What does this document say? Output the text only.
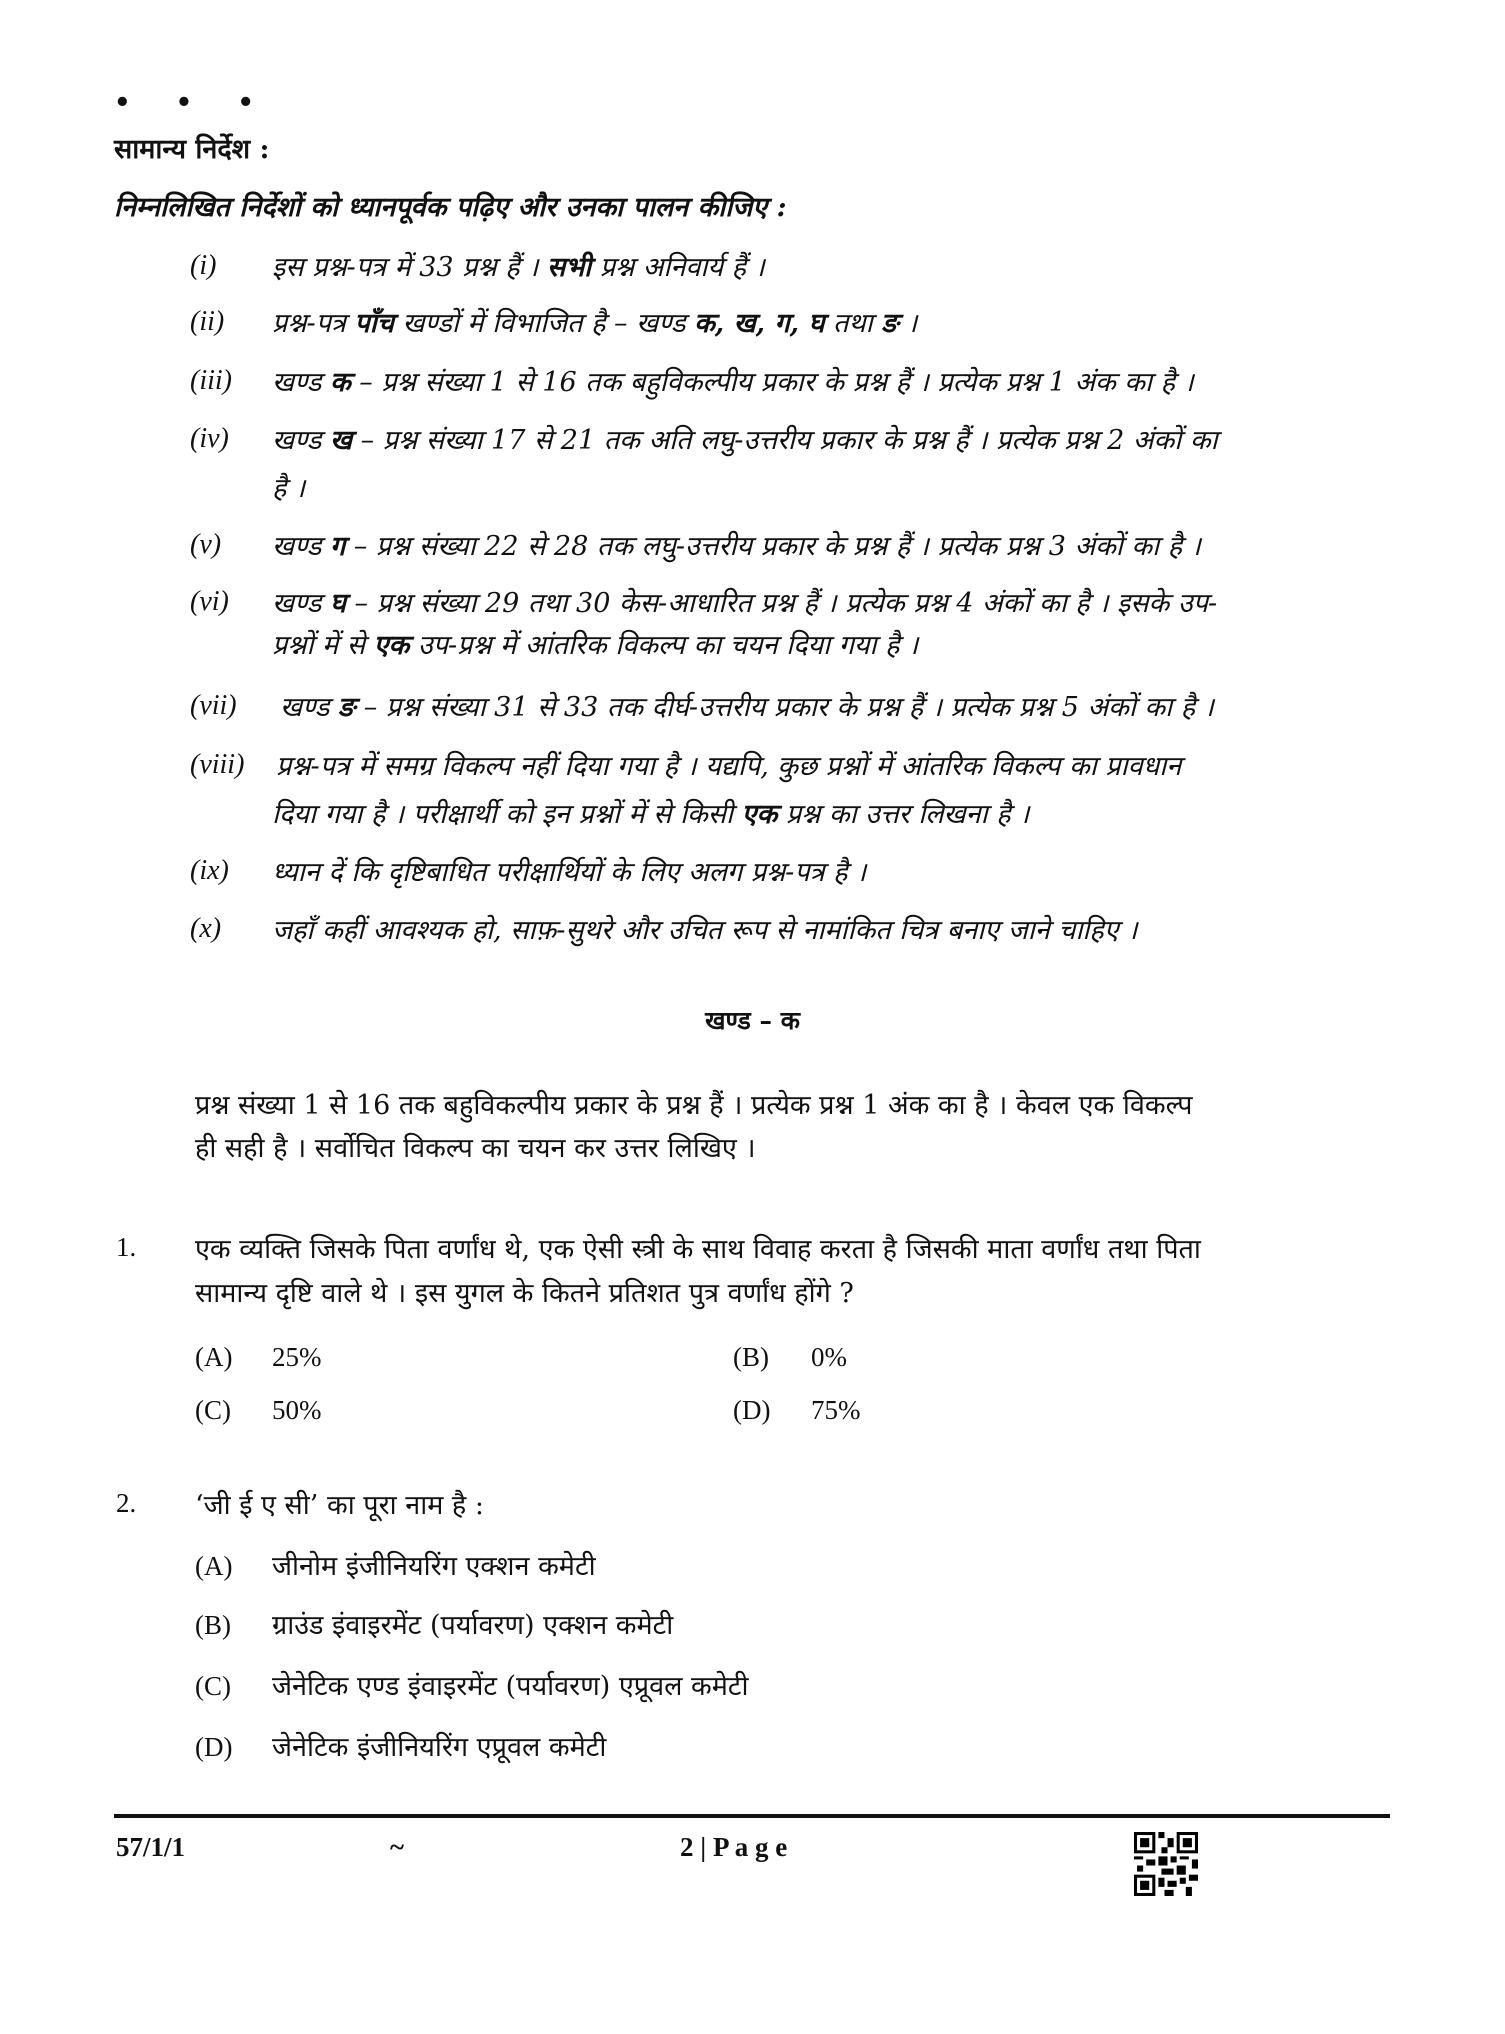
• • •
सामान्य निर्देश :
निम्नलिखित निर्देशों को ध्यानपूर्वक पढ़िए और उनका पालन कीजिए :
(i) इस प्रश्न-पत्र में 33 प्रश्न हैं । सभी प्रश्न अनिवार्य हैं ।
(ii) प्रश्न-पत्र पाँच खण्डों में विभाजित है – खण्ड क, ख, ग, घ तथा ङ ।
(iii) खण्ड क – प्रश्न संख्या 1 से 16 तक बहुविकल्पीय प्रकार के प्रश्न हैं । प्रत्येक प्रश्न 1 अंक का है ।
(iv) खण्ड ख – प्रश्न संख्या 17 से 21 तक अति लघु-उत्तरीय प्रकार के प्रश्न हैं । प्रत्येक प्रश्न 2 अंकों का
है ।
(v) खण्ड ग – प्रश्न संख्या 22 से 28 तक लघु-उत्तरीय प्रकार के प्रश्न हैं । प्रत्येक प्रश्न 3 अंकों का है ।
(vi) खण्ड घ – प्रश्न संख्या 29 तथा 30 केस-आधारित प्रश्न हैं । प्रत्येक प्रश्न 4 अंकों का है । इसके उप-
प्रश्नों में से एक उप-प्रश्न में आंतरिक विकल्प का चयन दिया गया है ।
(vii) खण्ड ङ – प्रश्न संख्या 31 से 33 तक दीर्घ-उत्तरीय प्रकार के प्रश्न हैं । प्रत्येक प्रश्न 5 अंकों का है ।
(viii) प्रश्न-पत्र में समग्र विकल्प नहीं दिया गया है । यद्यपि, कुछ प्रश्नों में आंतरिक विकल्प का प्रावधान
दिया गया है । परीक्षार्थी को इन प्रश्नों में से किसी एक प्रश्न का उत्तर लिखना है ।
(ix) ध्यान दें कि दृष्टिबाधित परीक्षार्थियों के लिए अलग प्रश्न-पत्र है ।
(x) जहाँ कहीं आवश्यक हो, साफ़-सुथरे और उचित रूप से नामांकित चित्र बनाए जाने चाहिए ।
खण्ड – क
प्रश्न संख्या 1 से 16 तक बहुविकल्पीय प्रकार के प्रश्न हैं । प्रत्येक प्रश्न 1 अंक का है । केवल एक विकल्प
ही सही है । सर्वोचित विकल्प का चयन कर उत्तर लिखिए ।
1. एक व्यक्ति जिसके पिता वर्णांध थे, एक ऐसी स्त्री के साथ विवाह करता है जिसकी माता वर्णांध तथा पिता
सामान्य दृष्टि वाले थे । इस युगल के कितने प्रतिशत पुत्र वर्णांध होंगे ?
(A) 25%	(B) 0%
(C) 50%	(D) 75%
2. ‘जी ई ए सी’ का पूरा नाम है :
(A) जीनोम इंजीनियरिंग एक्शन कमेटी
(B) ग्राउंड इंवाइरमेंट (पर्यावरण) एक्शन कमेटी
(C) जेनेटिक एण्ड इंवाइरमेंट (पर्यावरण) एप्रूवल कमेटी
(D) जेनेटिक इंजीनियरिंग एप्रूवल कमेटी
57/1/1	~	2 | P a g e
